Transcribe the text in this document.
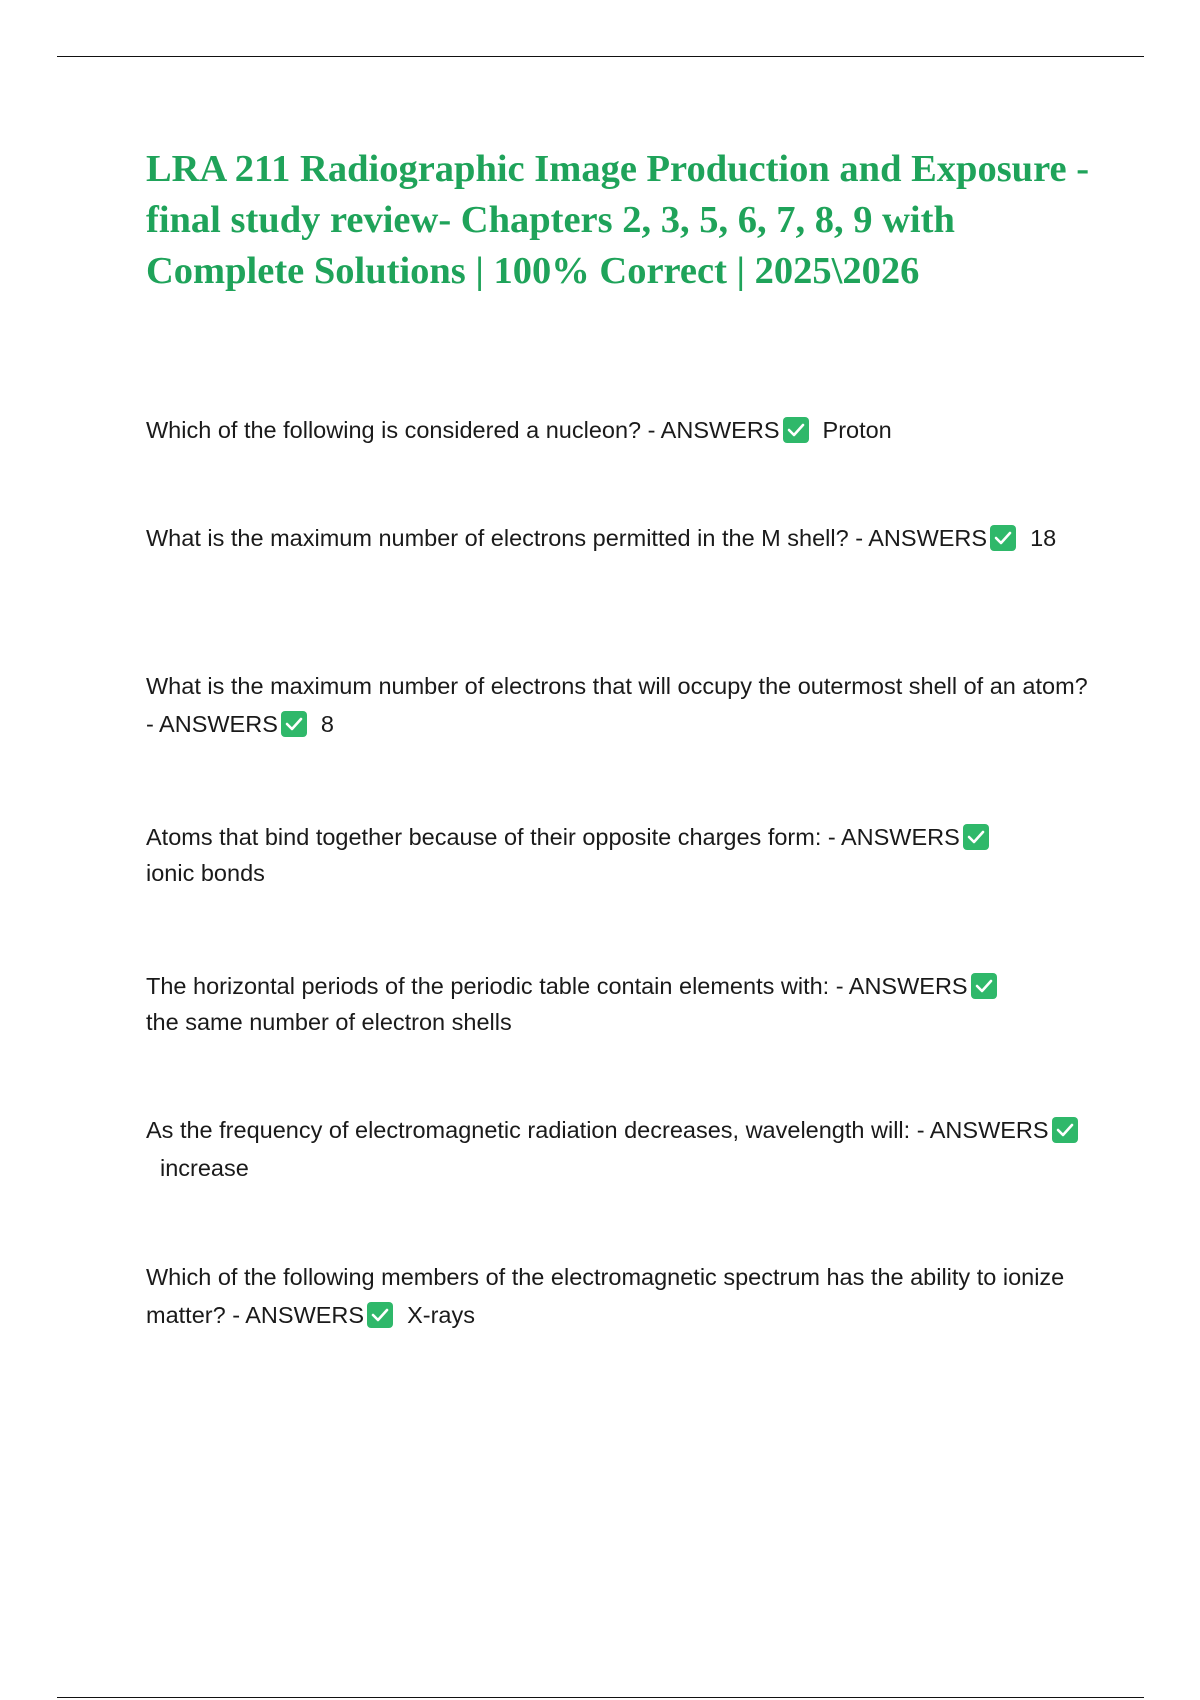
LRA 211 Radiographic Image Production and Exposure - final study review- Chapters 2, 3, 5, 6, 7, 8, 9 with Complete Solutions | 100% Correct | 2025\2026
Which of the following is considered a nucleon? - ANSWERS Proton
What is the maximum number of electrons permitted in the M shell? - ANSWERS 18
What is the maximum number of electrons that will occupy the outermost shell of an atom? - ANSWERS 8
Atoms that bind together because of their opposite charges form: - ANSWERS

ionic bonds
The horizontal periods of the periodic table contain elements with: - ANSWERS

the same number of electron shells
As the frequency of electromagnetic radiation decreases, wavelength will: - ANSWERS
increase
Which of the following members of the electromagnetic spectrum has the ability to ionize matter? - ANSWERS X-rays
